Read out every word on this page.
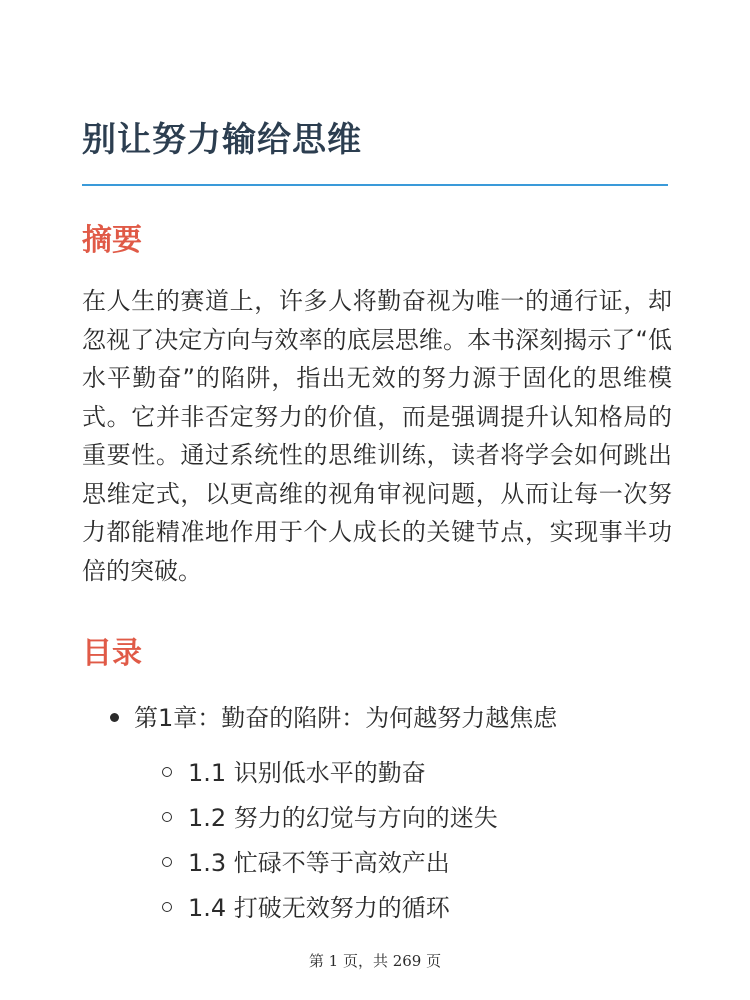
别让努力输给思维
摘要

在人生的赛道上，许多人将勤奋视为唯一的通行证，却忽视了决定方向与效率的底层思维。本书深刻揭示了“低水平勤奋”的陷阱，指出无效的努力源于固化的思维模式。它并非否定努力的价值，而是强调提升认知格局的重要性。通过系统性的思维训练，读者将学会如何跳出思维定式，以更高维的视角审视问题，从而让每一次努力都能精准地作用于个人成长的关键节点，实现事半功倍的突破。

目录
第1章：勤奋的陷阱：为何越努力越焦虑
1.1 识别低水平的勤奋
1.2 努力的幻觉与方向的迷失
1.3 忙碌不等于高效产出
1.4 打破无效努力的循环
第 1 页，共 269 页
